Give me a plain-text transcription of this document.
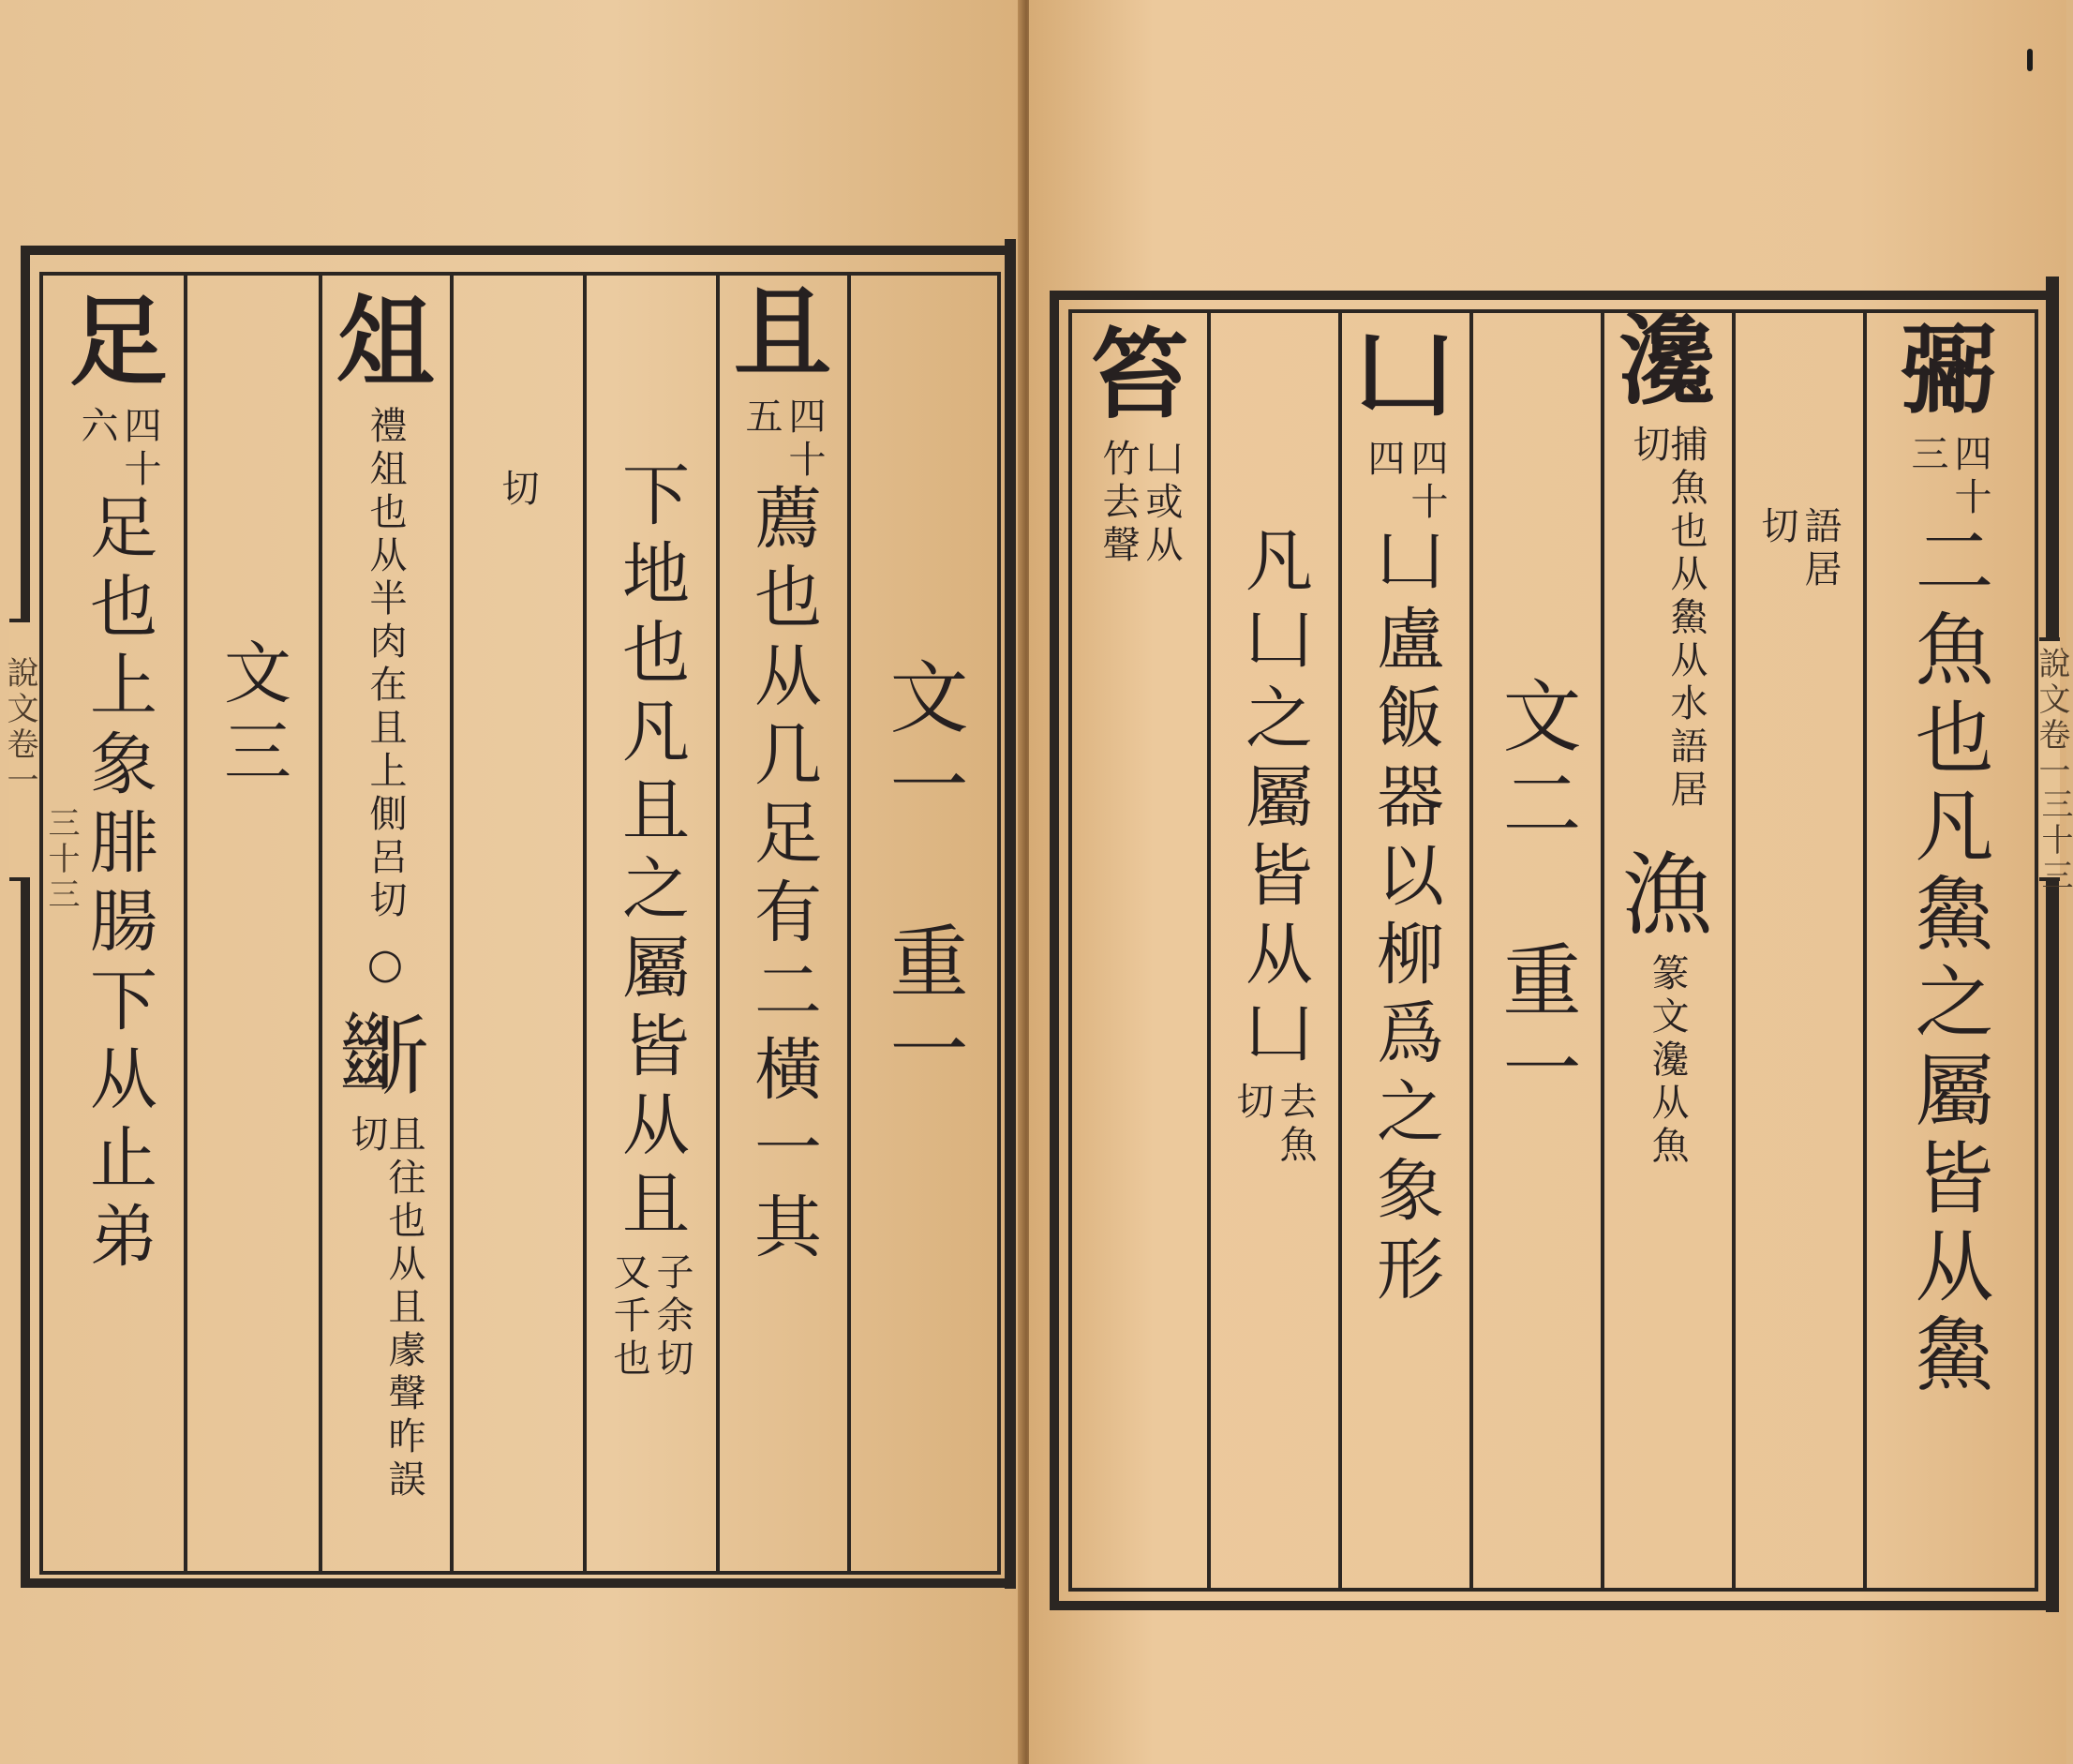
足
四十
六
足也上象腓腸下从止弟 文三
俎
禮俎也从半肉在且上側呂切
○
𣃔
且往也从且豦聲昨誤切
切 下地也凡且之屬皆从且
子余切
又千也
且
四十
五
薦也从几足有二橫一其 文一　重一	說文卷一
笞
凵或从
竹去聲
凡凵之屬皆从凵
去魚
切
凵
四十
四
凵盧飯器以柳爲之象形 文二　重一
瀺
捕魚也从𩺰从水語居切
漁
篆文瀺从魚
語居
切
䰜
四十
三
二魚也凡𩺰之屬皆从𩺰 三十三
說文卷一
三十三
